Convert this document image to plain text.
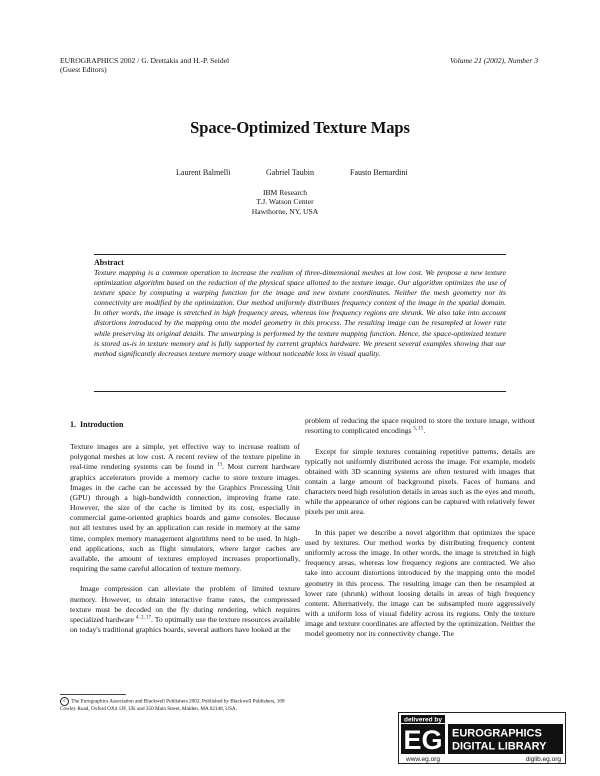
EUROGRAPHICS 2002 / G. Drettakis and H.-P. Seidel
(Guest Editors)
Volume 21 (2002), Number 3
Space-Optimized Texture Maps
Laurent Balmelli	Gabriel Taubin	Fausto Bernardini
IBM Research
T.J. Watson Center
Hawthorne, NY, USA
Abstract
Texture mapping is a common operation to increase the realism of three-dimensional meshes at low cost. We propose a new texture optimization algorithm based on the reduction of the physical space allotted to the texture image. Our algorithm optimizes the use of texture space by computing a warping function for the image and new texture coordinates. Neither the mesh geometry nor its connectivity are modified by the optimization. Our method uniformly distributes frequency content of the image in the spatial domain. In other words, the image is stretched in high frequency areas, whereas low frequency regions are shrunk. We also take into account distortions introduced by the mapping onto the model geometry in this process. The resulting image can be resampled at lower rate while preserving its original details. The unwarping is performed by the texture mapping function. Hence, the space-optimized texture is stored as-is in texture memory and is fully supported by current graphics hardware. We present several examples showing that our method significantly decreases texture memory usage without noticeable loss in visual quality.
1. Introduction

Texture images are a simple, yet effective way to increase realism of polygonal meshes at low cost. A recent review of the texture pipeline in real-time rendering systems can be found in $^{13}$. Most current hardware graphics accelerators provide a memory cache to store texture images. Images in the cache can be accessed by the Graphics Processing Unit (GPU) through a high-bandwidth connection, improving frame rate. However, the size of the cache is limited by its cost, especially in commercial game-oriented graphics boards and game consoles. Because not all textures used by an application can reside in memory at the same time, complex memory management algorithms need to be used. In high-end applications, such as flight simulators, where larger caches are available, the amount of textures employed increases proportionally, requiring the same careful allocation of texture memory.

Image compression can alleviate the problem of limited texture memory. However, to obtain interactive frame rates, the compressed texture must be decoded on the fly during rendering, which requires specialized hardware $^{4, 2, 17}$. To optimally use the texture resources available on today's traditional graphics boards, several authors have looked at the

problem of reducing the space required to store the texture image, without resorting to complicated encodings $^{5, 15}$.

Except for simple textures containing repetitive patterns, details are typically not uniformly distributed across the image. For example, models obtained with 3D scanning systems are often textured with images that contain a large amount of background pixels. Faces of humans and characters need high resolution details in areas such as the eyes and mouth, while the appearance of other regions can be captured with relatively fewer pixels per unit area.

In this paper we describe a novel algorithm that optimizes the space used by textures. Our method works by distributing frequency content uniformly across the image. In other words, the image is stretched in high frequency areas, whereas low frequency regions are contracted. We also take into account distortions introduced by the mapping onto the model geometry in this process. The resulting image can then be resampled at lower rate (shrunk) without loosing details in areas of high frequency content. Alternatively, the image can be subsampled more aggressively with a uniform loss of visual fidelity across its regions. Only the texture image and texture coordinates are affected by the optimization. Neither the model geometry nor its connectivity change. The

c The Eurographics Association and Blackwell Publishers 2002. Published by Blackwell Publishers, 108 Cowley Road, Oxford OX4 1JF, UK and 350 Main Street, Malden, MA 02148, USA.
delivered by
EG EUROGRAPHICS
DIGITAL LIBRARY
www.eg.org	diglib.eg.org
